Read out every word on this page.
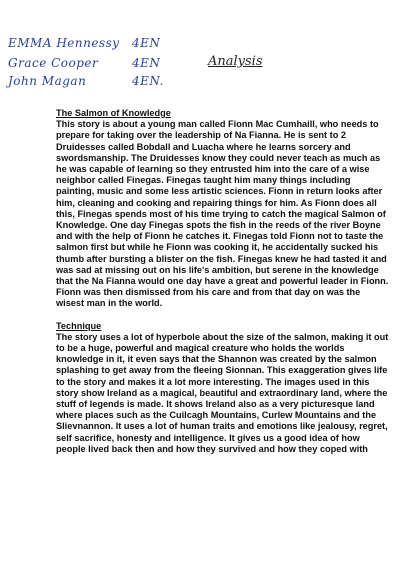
EMMA Hennessy 4EN
Grace Cooper	4EN
John Magan	4EN.
Analysis
The Salmon of Knowledge

This story is about a young man called Fionn Mac Cumhaill, who needs to prepare for taking over the leadership of Na Fianna. He is sent to 2 Druidesses called Bobdall and Luacha where he learns sorcery and swordsmanship. The Druidesses know they could never teach as much as he was capable of learning so they entrusted him into the care of a wise neighbor called Finegas. Finegas taught him many things including painting, music and some less artistic sciences. Fionn in return looks after him, cleaning and cooking and repairing things for him. As Fionn does all this, Finegas spends most of his time trying to catch the magical Salmon of Knowledge. One day Finegas spots the fish in the reeds of the river Boyne and with the help of Fionn he catches it. Finegas told Fionn not to taste the salmon first but while he Fionn was cooking it, he accidentally sucked his thumb after bursting a blister on the fish. Finegas knew he had tasted it and was sad at missing out on his life's ambition, but serene in the knowledge that the Na Fianna would one day have a great and powerful leader in Fionn. Fionn was then dismissed from his care and from that day on was the wisest man in the world.

Technique

The story uses a lot of hyperbole about the size of the salmon, making it out to be a huge, powerful and magical creature who holds the worlds knowledge in it, it even says that the Shannon was created by the salmon splashing to get away from the fleeing Sionnan. This exaggeration gives life to the story and makes it a lot more interesting. The images used in this story show Ireland as a magical, beautiful and extraordinary land, where the stuff of legends is made. It shows Ireland also as a very picturesque land where places such as the Cuilcagh Mountains, Curlew Mountains and the Slievnannon. It uses a lot of human traits and emotions like jealousy, regret, self sacrifice, honesty and intelligence. It gives us a good idea of how people lived back then and how they survived and how they coped with
